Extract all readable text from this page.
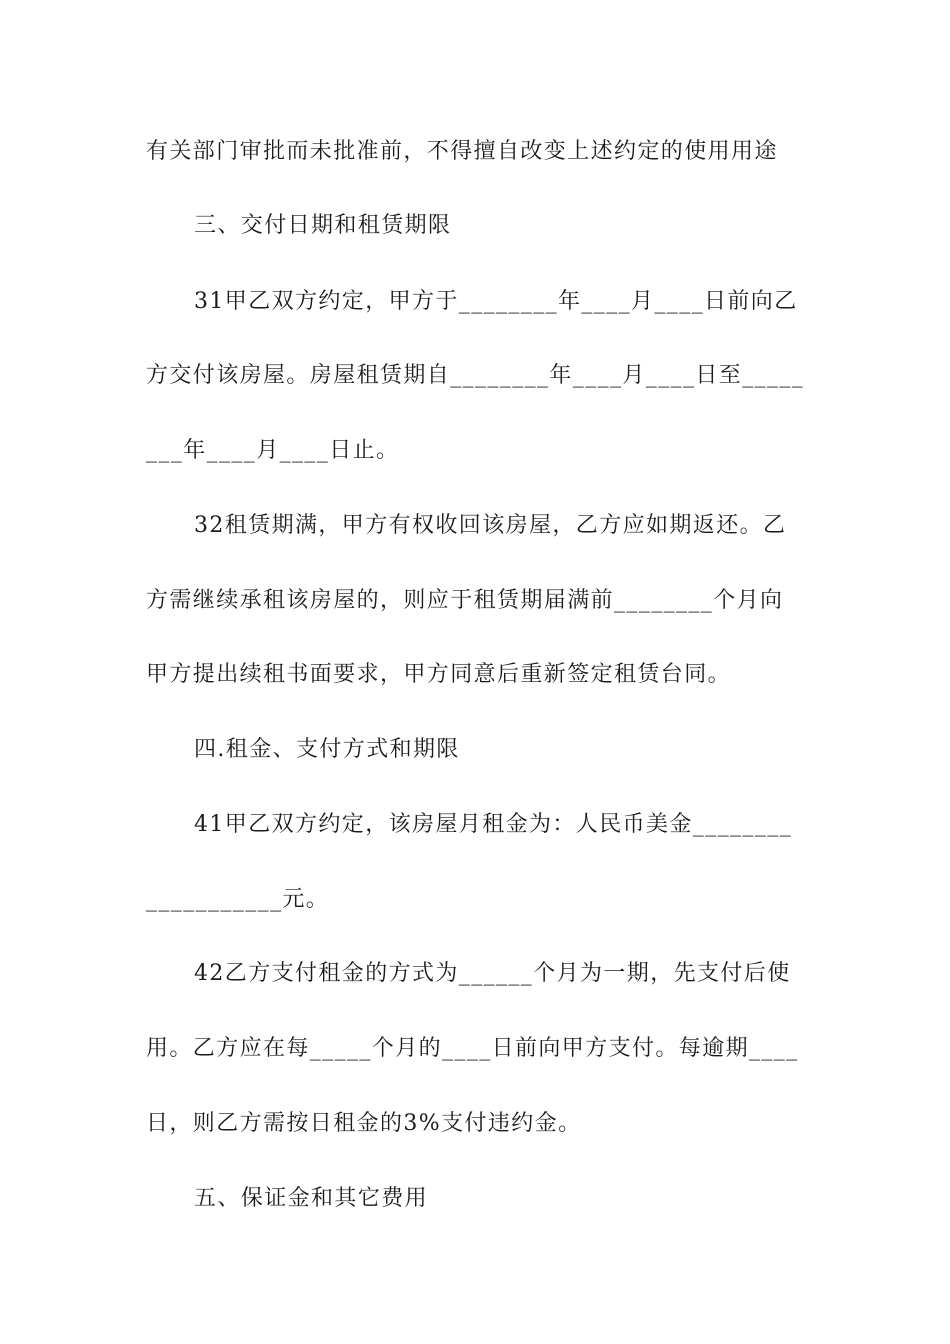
有关部门审批而未批准前，不得擅自改变上述约定的使用用途
三、交付日期和租赁期限
31甲乙双方约定，甲方于________年____月____日前向乙
方交付该房屋。房屋租赁期自________年____月____日至_____
___年____月____日止。
32租赁期满，甲方有权收回该房屋，乙方应如期返还。乙
方需继续承租该房屋的，则应于租赁期届满前________个月向
甲方提出续租书面要求，甲方同意后重新签定租赁台同。
四.租金、支付方式和期限
41甲乙双方约定，该房屋月租金为：人民币美金________
___________元。
42乙方支付租金的方式为______个月为一期，先支付后使
用。乙方应在每_____个月的____日前向甲方支付。每逾期____
日，则乙方需按日租金的3%支付违约金。
五、保证金和其它费用
